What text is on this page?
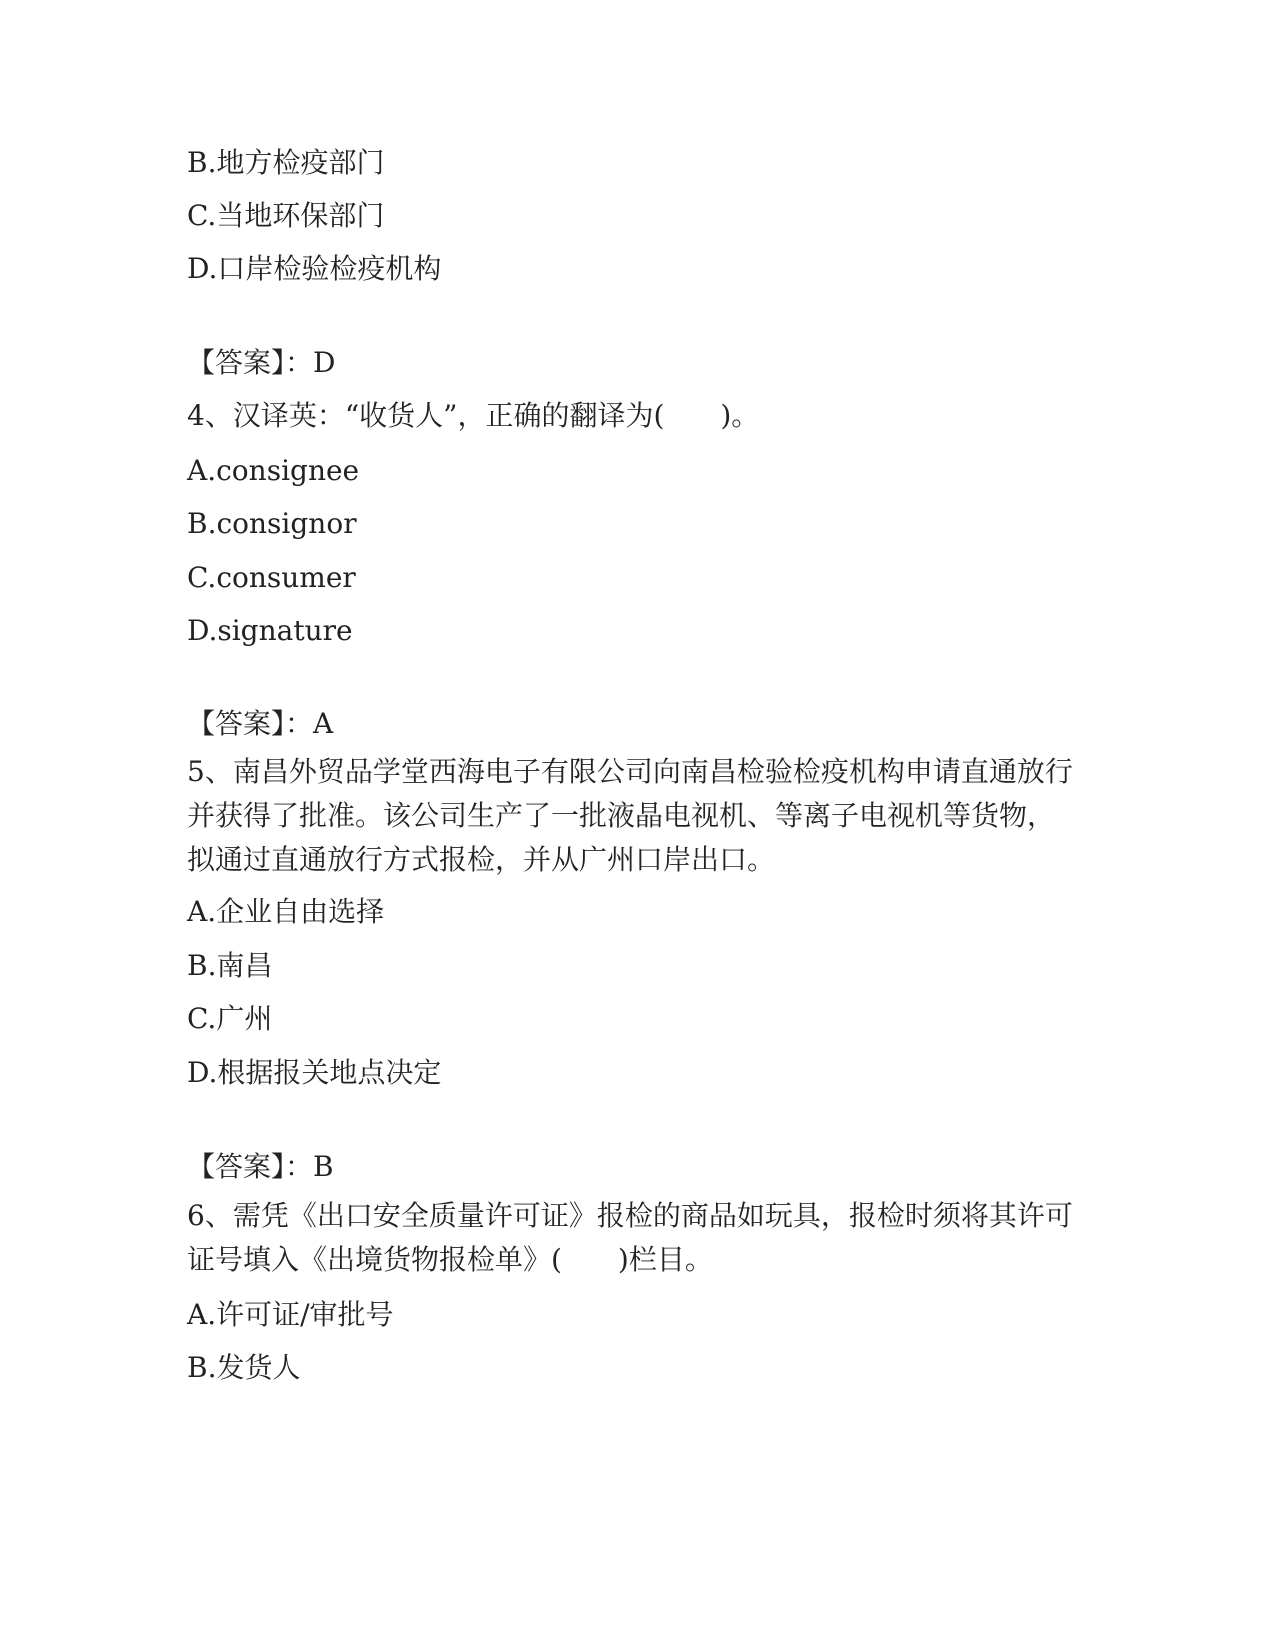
B.地方检疫部门
C.当地环保部门
D.口岸检验检疫机构
【答案】：D
4、汉译英：“收货人”，正确的翻译为(　　)。
A.consignee
B.consignor
C.consumer
D.signature
【答案】：A
5、南昌外贸品学堂西海电子有限公司向南昌检验检疫机构申请直通放行并获得了批准。该公司生产了一批液晶电视机、等离子电视机等货物，拟通过直通放行方式报检，并从广州口岸出口。
A.企业自由选择
B.南昌
C.广州
D.根据报关地点决定
【答案】：B
6、需凭《出口安全质量许可证》报检的商品如玩具，报检时须将其许可证号填入《出境货物报检单》(　　)栏目。
A.许可证/审批号
B.发货人
